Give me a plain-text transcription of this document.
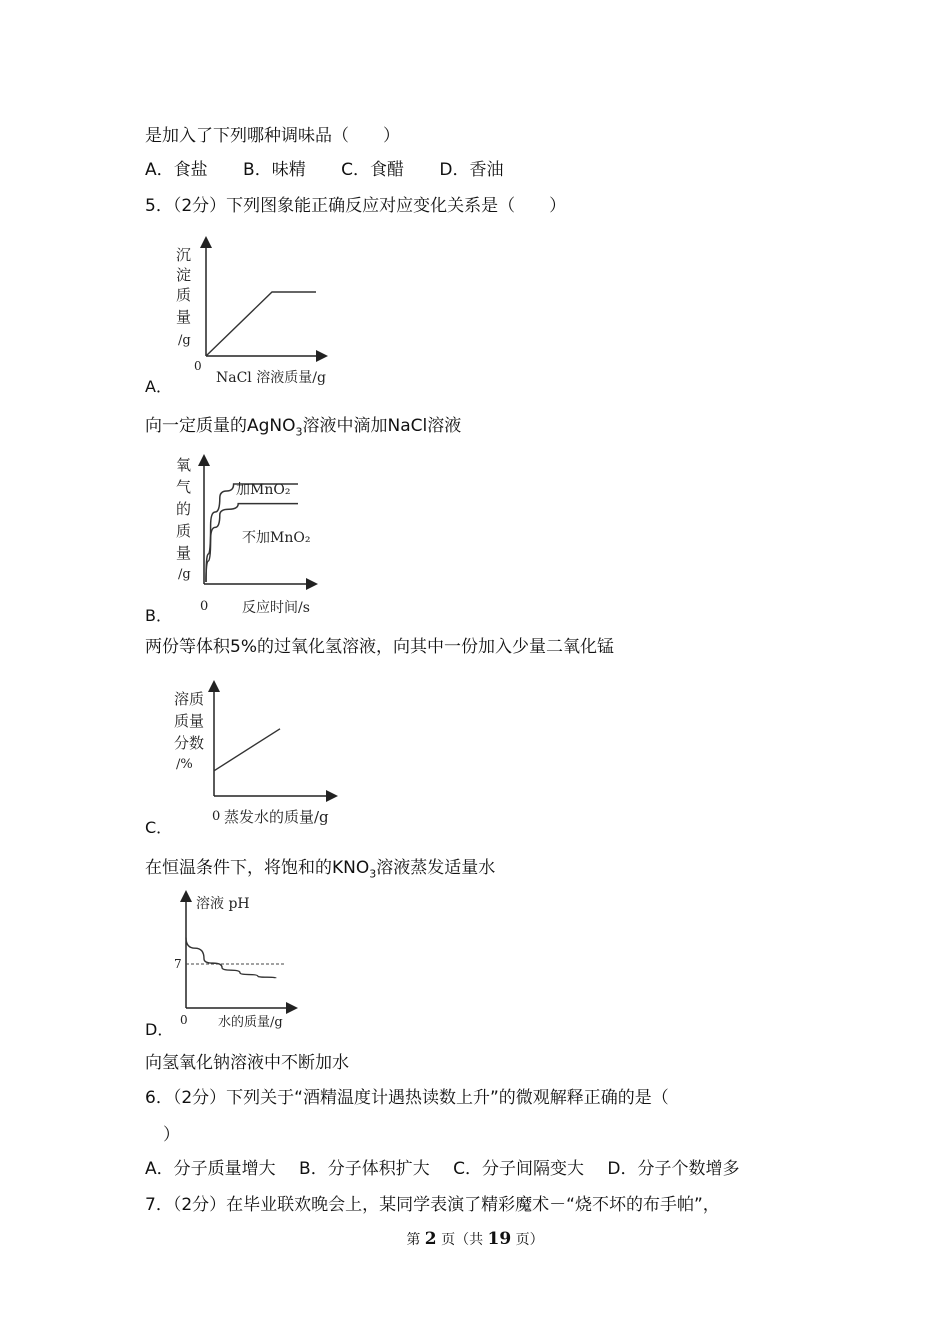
是加入了下列哪种调味品（　　）
A．食盐 B．味精 C．食醋 D．香油
5．（2分）下列图象能正确反应对应变化关系是（　　）
沉
淀
质
量
/g
0
NaCl 溶液质量/g
A．
向一定质量的AgNO$_3$溶液中滴加NaCl溶液
氧
气
的
质
量
/g
加MnO₂
不加MnO₂
0 反应时间/s
B．
两份等体积5%的过氧化氢溶液，向其中一份加入少量二氧化锰
溶质
质量
分数
/%
0 蒸发水的质量/g
C．
在恒温条件下，将饱和的$KNO_3$溶液蒸发适量水
溶液 pH
7
0 水的质量/g
D．
向氢氧化钠溶液中不断加水
6．（2分）下列关于“酒精温度计遇热读数上升”的微观解释正确的是（
）
A．分子质量增大 B．分子体积扩大 C．分子间隔变大 D．分子个数增多
7．（2分）在毕业联欢晚会上，某同学表演了精彩魔术－“烧不坏的布手帕”，
第 2 页（共 19 页）
